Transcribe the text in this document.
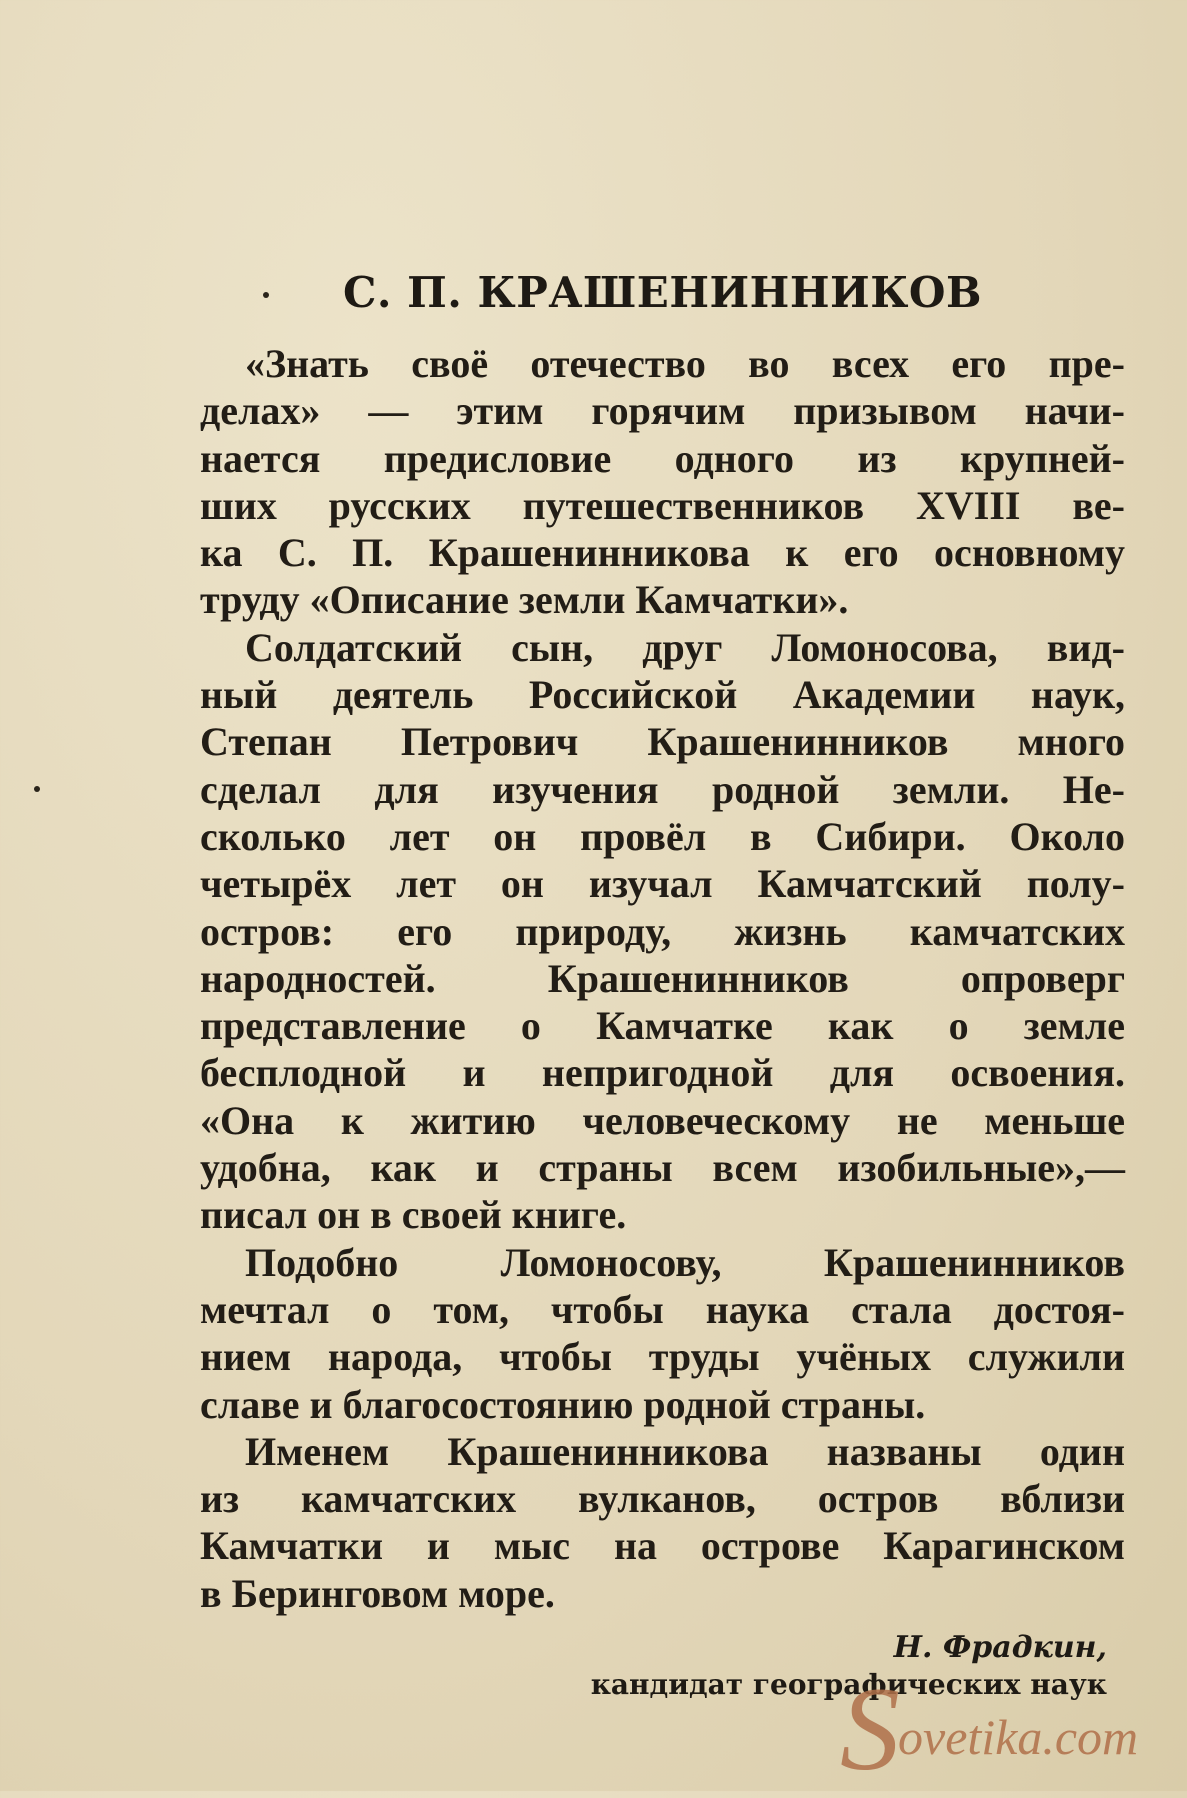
С. П. КРАШЕНИННИКОВ
«Знать своё отечество во всех его пре-
делах» — этим горячим призывом начи-
нается предисловие одного из крупней-
ших русских путешественников XVIII ве-
ка С. П. Крашенинникова к его основному
труду «Описание земли Камчатки».
Солдатский сын, друг Ломоносова, вид-
ный деятель Российской Академии наук,
Степан Петрович Крашенинников много
сделал для изучения родной земли. Не-
сколько лет он провёл в Сибири. Около
четырёх лет он изучал Камчатский полу-
остров: его природу, жизнь камчатских
народностей. Крашенинников опроверг
представление о Камчатке как о земле
бесплодной и непригодной для освоения.
«Она к житию человеческому не меньше
удобна, как и страны всем изобильные»,—
писал он в своей книге.
Подобно Ломоносову, Крашенинников
мечтал о том, чтобы наука стала достоя-
нием народа, чтобы труды учёных служили
славе и благосостоянию родной страны.
Именем Крашенинникова названы один
из камчатских вулканов, остров вблизи
Камчатки и мыс на острове Карагинском
в Беринговом море.
Н. Фрадкин,
кандидат географических наук
S
ovetika.com
